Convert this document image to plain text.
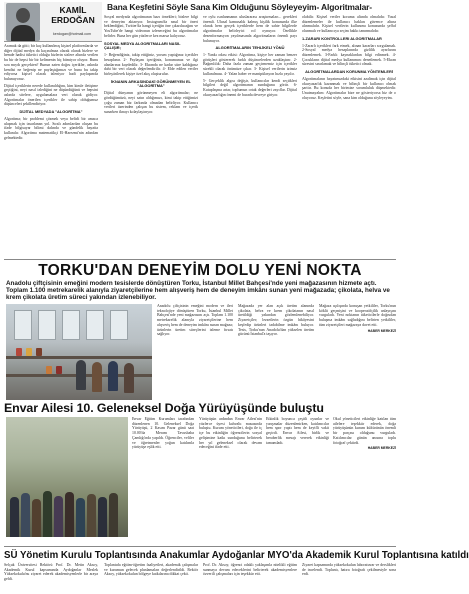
KAMİL
ERDOĞAN
kerdogan@hotmail.com
Bana Keşfetini Söyle Sana Kim Olduğunu Söyleyeyim- Algoritmalar-

Aramak da gitti; bir kaç kullanılmış kişisel platformlarda ve diğer dijital medya da kaçınılmaz olarak olarak bizlere ve hemde hadisi tüketici olduğu bizlerin sizlere altında verilen bu bir de hepsi bir bir kelimenin hiç bitmiyor oluyor. Bunu sıra mıydı gerçekten? Bunun zaten doğru içerikler, aslında kendisi ne beğenip ne paylaştığımızı ve buna bu takip ediyorsa kişisel olarak izleniyor hadi paylaşımda bulunuyoruz.

Dijital içeriklerin nerede kullanıldığını, kim kimle iletişime geçtiğini, neyi nasıl izlediğini ne düşündüğünü ve hepsini aslında sitelere, uygulamalara veri olarak gidiyor. Algoritmalar önerilen içerikler ile sahip olduğumuz düşünceleri şekillendiriyor.

DİJİTAL MEDYADA "ALGORİTMA"

Algoritma; bir problemi çözmek veya belirli bir amaca ulaşmak için tasarlanan yol. Sıralı adımlardan oluşan bu ifade bilgisayar bilimi dalında ve gündelik hayatta kullanılır. Algoritma matematikçi El-Harezmi'nin adından gelmektedir.

Sosyal medyada algoritmanın bazı örnekleri; bizlere bilgi ve deneyim aktarıyor. Instagram'da nasıl bir öneri beklendiğini, Twitter'da hangi içeriğin öne çıkarılacağını ve YouTube'de hangi videonun izleneceğini bu algoritmalar belirler. Buna her gün yüzlerce kez maruz kalıyoruz.

SOSYAL MEDYA ALGORITMALARI NASIL ÇALIŞIR;

1- Beğendiğiniz, takip ettiğiniz, yorum yaptığınız içerikler hesaplanır. 2- Paylaşım içeriğiniz, konumunuz ve ilgi alanlarınız kaydedilir. 3- Ekranda ne kadar süre kaldığınız dahi bir veri olarak değerlendirilir. 4- Elde edilen veriler birleştirilerek kişiye özel akış oluşturulur.

İKNANIN ARKASINDAKİ GÖRÜNMEYEN EL "ALGORİTMA"

Dijital dünyanın görünmeyen eli algoritmalar; ne gördüğümüzü, neyi satın aldığımızı, kimi takip ettiğimizi çoğu zaman biz farkında olmadan belirliyor. Kullanıcı verileri üzerinden çalışan bu sistem, reklam ve içerik sunarken iknayı kolaylaştırıyor.

ve oylu ısınlanmanın uluslararası araştırmaları... gerekleri önemli. Ulusal kamusalık kalmış kişilik konusunda ilke olarak hem gerçek içeriklerde hem de sahte bilgilerde algoritmalar belirleyici rol oynuyor. Özellikle dezenformasyon yayılmasında algoritmaların önemli payı bulunuyor.

ALGORİTMALARIN TEHLİKELİ YÖNÜ

1- Yankı odası etkisi: Algoritma, kişiye her zaman benzer görüşleri göstererek farklı düşüncelerden uzaklaştırır. 2- Bağımlılık: Daha fazla zaman geçirmemiz için içerikler sürekli olarak önümüze çıkar. 3- Kişisel verilerin izinsiz kullanılması. 4- Yalan haber ve manipülasyon hızla yayılır.

5- Gerçeklik algısı değişir, kullanıcılar kendi seçtikleri bilgileri değil algoritmanın sunduğunu görür. 6- Kutuplaşma artar, toplumun ortak değerleri zayıflar. Dijital okuryazarlığın önemi de burada devreye giriyor.

olabilir. Kişisel veriler koruma altında olmalıdır. Yasal düzenlemeler ile kullanıcı hakları güvence altına alınmalıdır. Kişisel verilerin kullanımı konusunda şeffaf olunmalı ve kullanıcıya seçim hakkı tanınmalıdır.

1-ZARARI KONTROLLERI ALGORITMALAR

1-Zararlı içerikleri fark etmek, alınan kararları sorgulamak. 2-Sosyal medya hesaplarında gizlilik ayarlarını düzenlemek. 3-Farklı kaynaklardan bilgi edinmek. 4-Çocukların dijital medya kullanımını denetlemek. 5-Ekran süresini sınırlamak ve bilinçli tüketici olmak.

ALGORİTMALARDAN KORUNMA YÖNTEMLERİ

Algoritmaların hayatımızdaki etkisini azaltmak için dijital okuryazarlık kazanmak ve bilinçli bir kullanıcı olmak şarttır. Bu konuda her birimize sorumluluk düşmektedir. Unutmayalım: Algoritmalar bize ne gösteriyorsa biz de o oluyoruz. Keşfetini söyle, sana kim olduğunu söyleyeyim.

TORKU'DAN DENEYİM DOLU YENİ NOKTA
Anadolu çiftçisinin emeğini modern tesislerde dönüştüren Torku, İstanbul Millet Bahçesi'nde yeni mağazasının hizmete açtı. Toplam 1.100 metrekarelik alanıyla ziyaretçilerine hem alışveriş hem de deneyim imkânı sunan yeni mağazada; çikolata, helva ve krem çikolata üretim süreci yakından izlenebiliyor.

Anadolu çiftçisinin emeğini modern ve ileri teknolojiye dönüştüren Torku, İstanbul Millet Bahçesi'nde yeni mağazasını açtı. Toplam 1.100 metrekarelik alanıyla ziyaretçilerine hem alışveriş hem de deneyim imkânı sunan mağaza; ürünlerin üretim süreçlerini izleme fırsatı sağlıyor.

Mağazada yer alan açık üretim alanında çikolata, helva ve krem çikolatanın nasıl üretildiği yakından gözlemlenebiliyor. Ziyaretçiler; lezzetlerin özgün hikâyesini keşfedip ürünleri tadabilme imkânı buluyor. Tesis, Torku'nun Anadolu'dan yükselen üretim gücünü İstanbul'a taşıyor.

Mağaza açılışında konuşan yetkililer, Torku'nun köklü geçmişini ve kooperatifçilik anlayışını vurguladı. Yeni noktanın tüketicilerle doğrudan buluşma imkânı sağladığını belirten yetkililer, tüm ziyaretçileri mağazaya davet etti.

HABER MERKEZİ

Envar Ailesi 10. Geleneksel Doğa Yürüyüşünde buluştu

Envar Eğitim Kurumları tarafından düzenlenen 10. Geleneksel Doğa Yürüyüşü, 2 Kasım Pazar günü saat 10.00'da Meram Tavusbaba Çamlığı'nda yapıldı. Öğrenciler, veliler ve öğretmenler yoğun katılımla yürüyüşe eşlik etti.

Yürüyüşün ardından Envar Ailesi'nin yüzlerce üyesi kahvaltı masasında buluştu. Kurum yöneticileri, doğa ile iç içe bu etkinliğin öğrencilerin sosyal gelişimine katkı sunduğunu belirterek her yıl geleneksel olarak devam edeceğini ifade etti.

Etkinlik boyunca çeşitli oyunlar ve yarışmalar düzenlenirken, katılımcılar hem spor yaptı hem de keyifli vakit geçirdi. Envar Ailesi, birlik ve beraberlik mesajı vererek etkinliği tamamladı.

Okul yöneticileri etkinliğe katılan tüm ailelere teşekkür ederek, doğa yürüyüşünün kurum kültürünün önemli bir parçası olduğunu vurguladı. Katılımcılar günün anısına toplu fotoğraf çektirdi.

HABER MERKEZİ

SÜ Yönetim Kurulu Toplantısında Anakumlar Aydoğanlar MYO'da Akademik Kurul Toplantısına katıldı
Selçuk Üniversitesi Rektörü Prof. Dr. Metin Aksoy, Akademik Kurul kapsamında Aydoğanlar Meslek Yüksekokulu'nu ziyaret ederek akademisyenlerle bir araya geldi.
Toplantıda eğitim-öğretim faaliyetleri, akademik çalışmalar ve kurumun gelecek planlamaları değerlendirildi. Rektör Aksoy, yüksekokulun bölgeye katkılarına dikkat çekti.
Prof. Dr. Aksoy, öğrenci odaklı yaklaşımla nitelikli eğitim sunmaya devam edeceklerini belirterek akademisyenlere özverili çalışmaları için teşekkür etti.
Ziyaret kapsamında yüksekokulun laboratuvar ve derslikleri de incelendi. Toplantı, hatıra fotoğrafı çekilmesiyle sona erdi.
